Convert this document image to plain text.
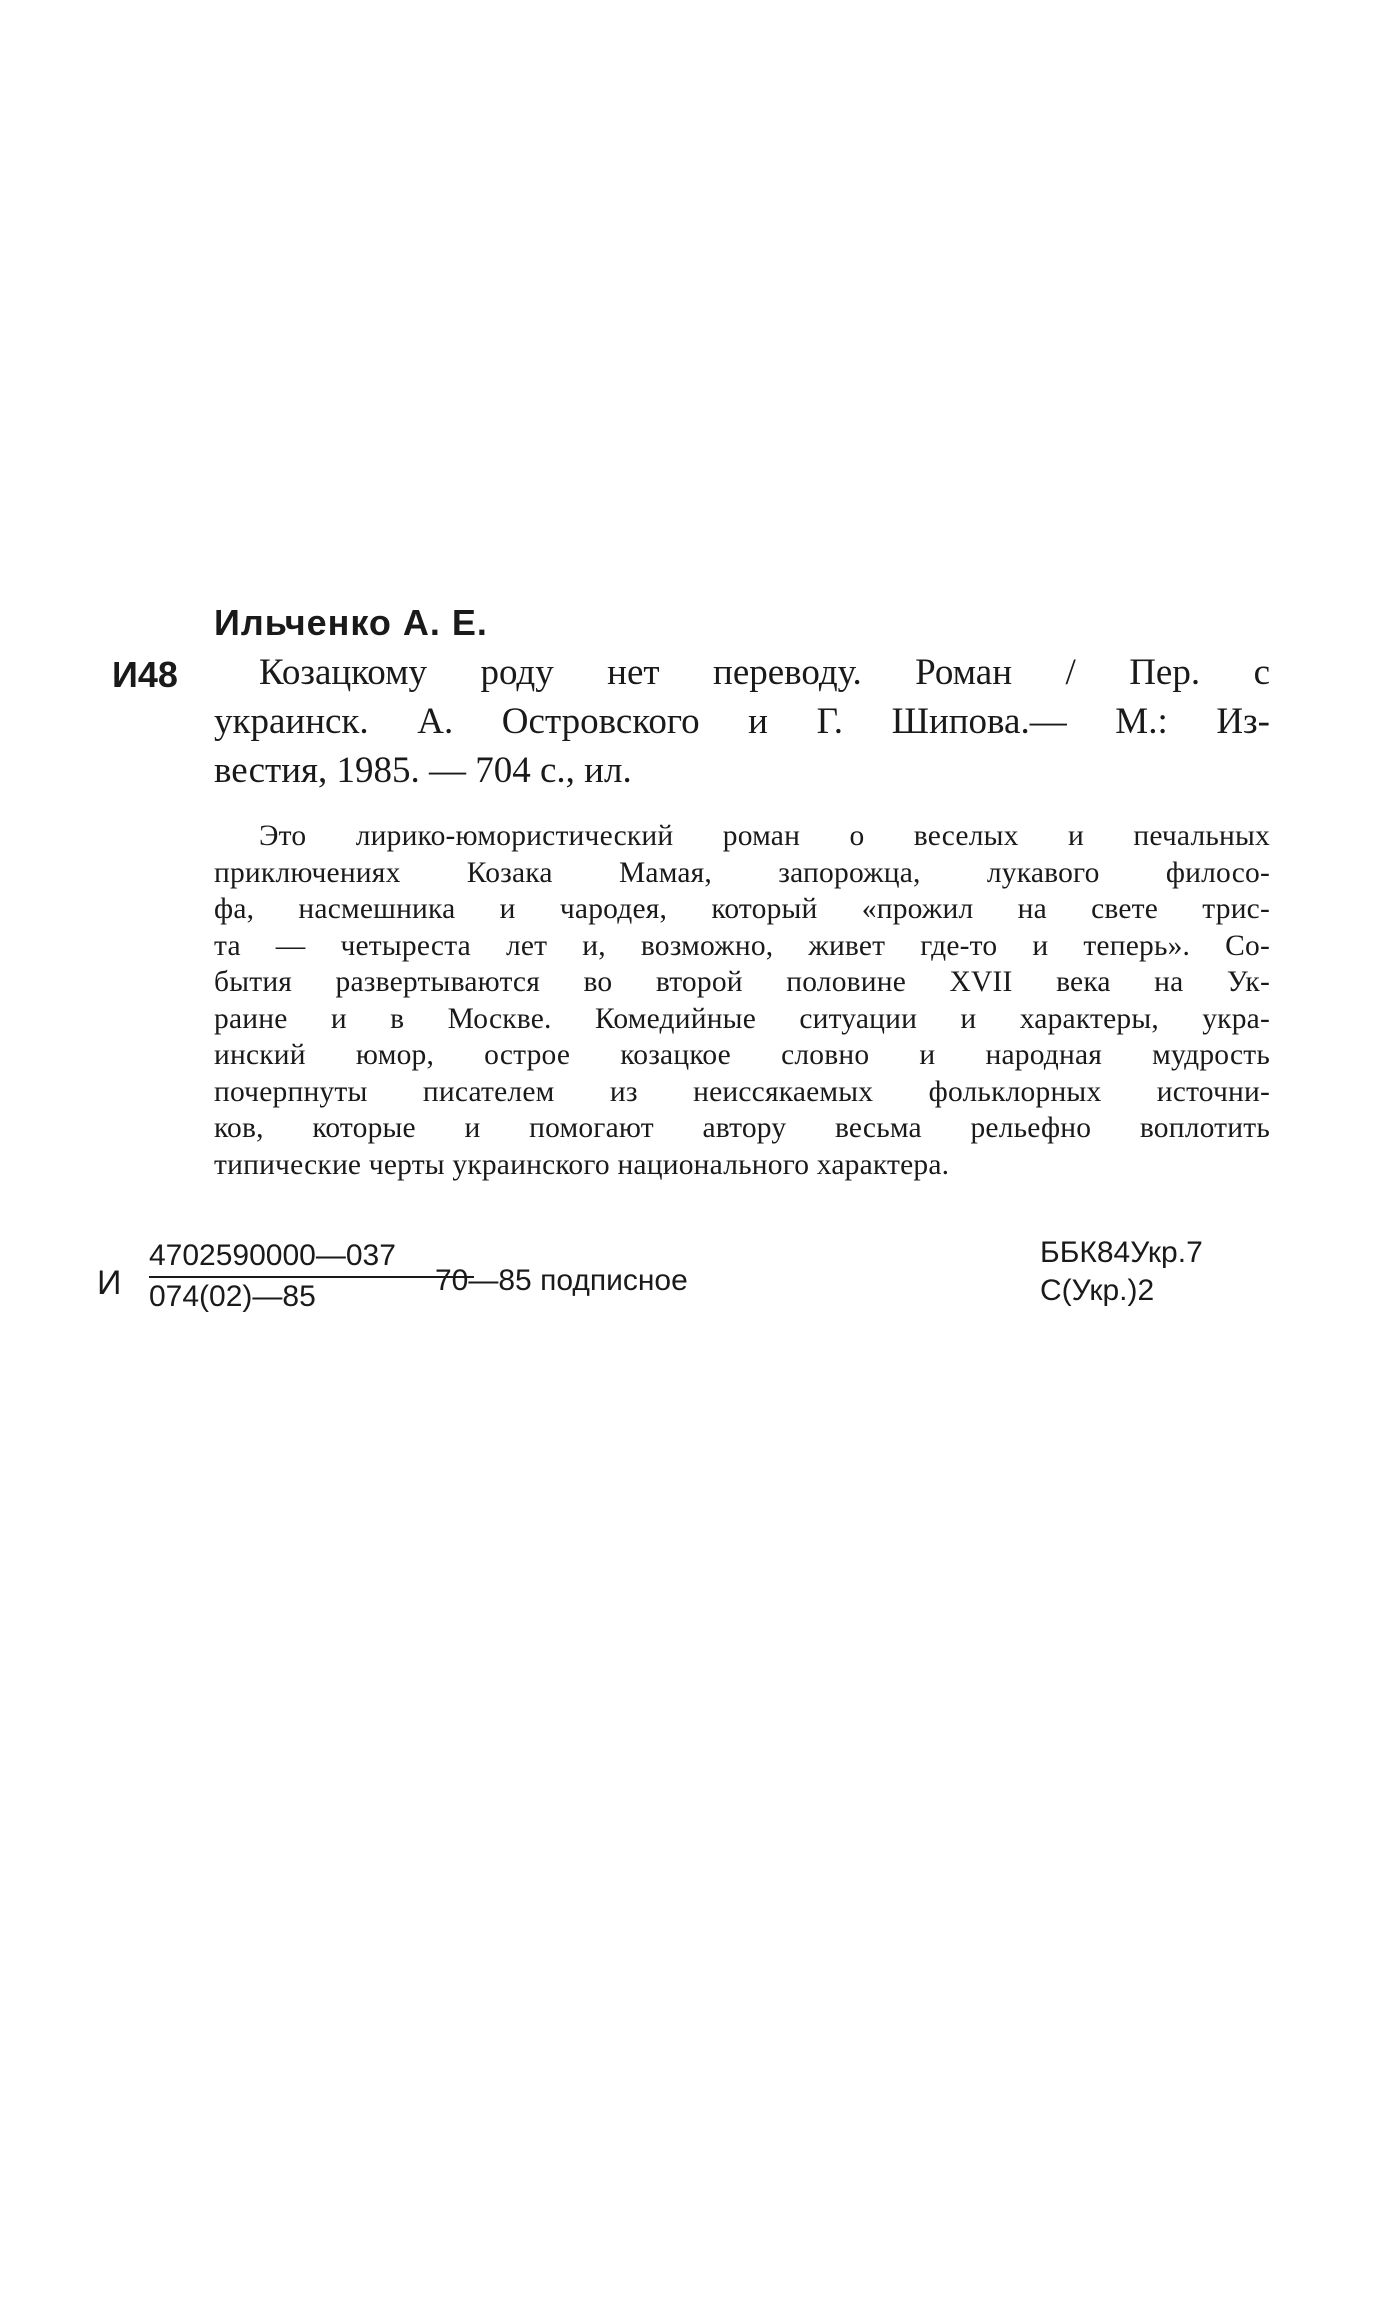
Ильченко А. Е.
И48	Козацкому роду нет переводу. Роман / Пер. с
украинск. А. Островского и Г. Шипова.— М.: Из-
вестия, 1985. — 704 с., ил.
Это лирико-юмористический роман о веселых и печальных
приключениях Козака Мамая, запорожца, лукавого филосо-
фа, насмешника и чародея, который «прожил на свете трис-
та — четыреста лет и, возможно, живет где-то и теперь». Со-
бытия развертываются во второй половине XVII века на Ук-
раине и в Москве. Комедийные ситуации и характеры, укра-
инский юмор, острое козацкое словно и народная мудрость
почерпнуты писателем из неиссякаемых фольклорных источни-
ков, которые и помогают автору весьма рельефно воплотить
типические черты украинского национального характера.
И
4702590000—037
074(02)—85	70—85 подписное
ББК84Укр.7
С(Укр.)2
